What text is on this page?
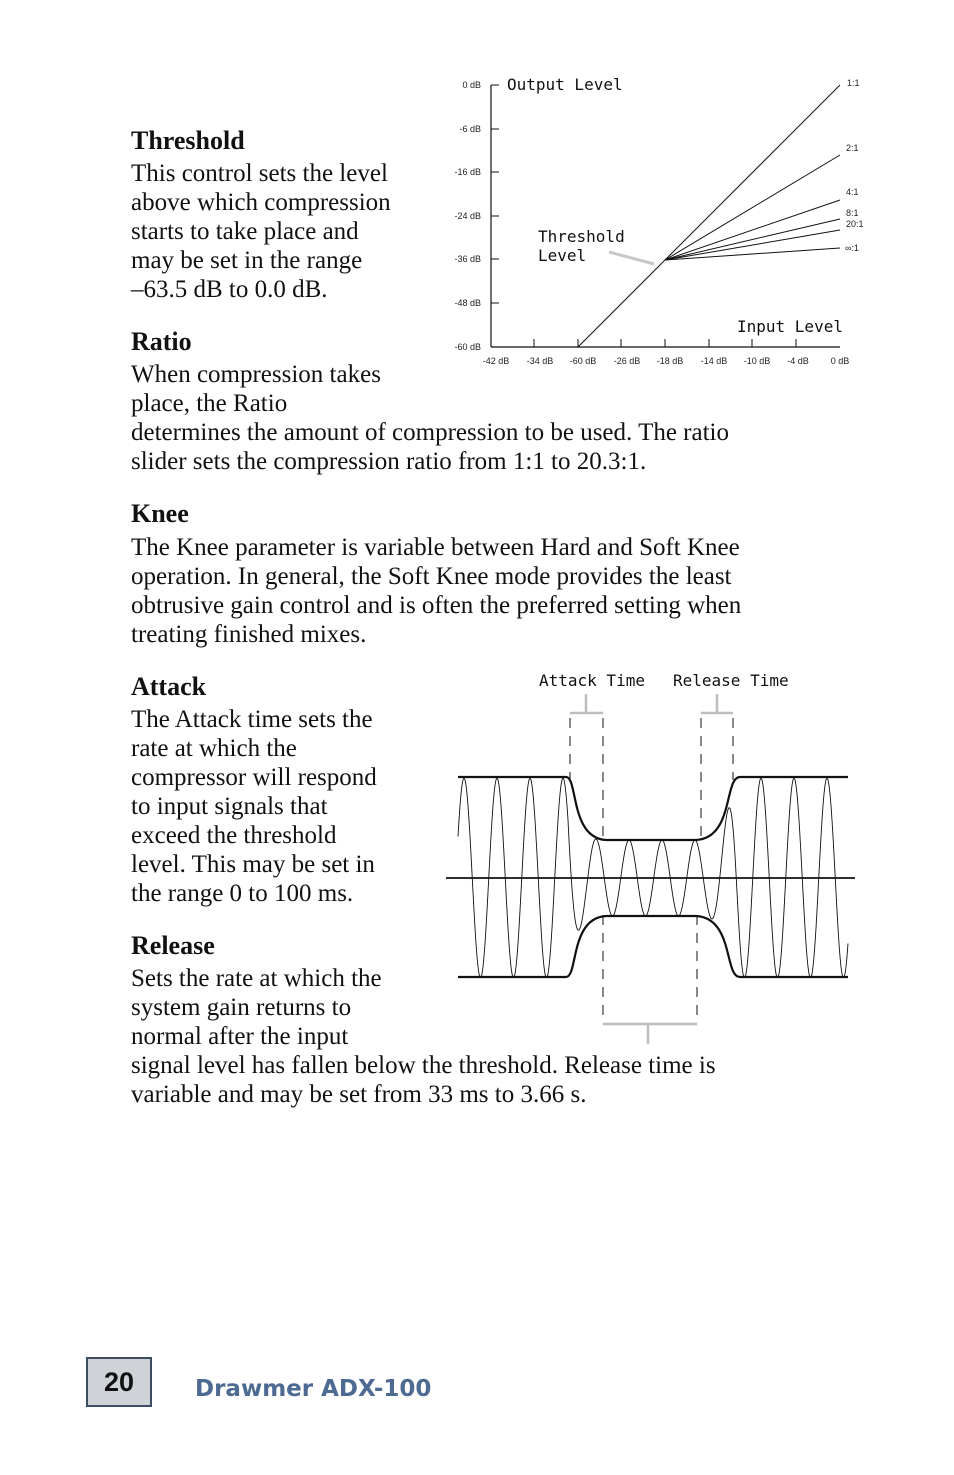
Threshold

This control sets the level
above which compression
starts to take place and
may be set in the range
–63.5 dB to 0.0 dB.

Ratio

When compression takes
place, the Ratio
determines the amount of compression to be used. The ratio
slider sets the compression ratio from 1:1 to 20.3:1.

Knee

The Knee parameter is variable between Hard and Soft Knee
operation. In general, the Soft Knee mode provides the least
obtrusive gain control and is often the preferred setting when
treating finished mixes.

Attack

The Attack time sets the
rate at which the
compressor will respond
to input signals that
exceed the threshold
level. This may be set in
the range 0 to 100 ms.

Release

Sets the rate at which the
system gain returns to
normal after the input
signal level has fallen below the threshold. Release time is
variable and may be set from 33 ms to 3.66 s.

0 dB
-6 dB
-16 dB
-24 dB
-36 dB
-48 dB
-60 dB
-42 dB -34 dB -60 dB -26 dB -18 dB -14 dB -10 dB -4 dB 0 dB
Output Level
Input Level
1:1
2:1
4:1
8:1
20:1
∞:1
Threshold
Level
Attack Time Release Time
20	Drawmer ADX-100
